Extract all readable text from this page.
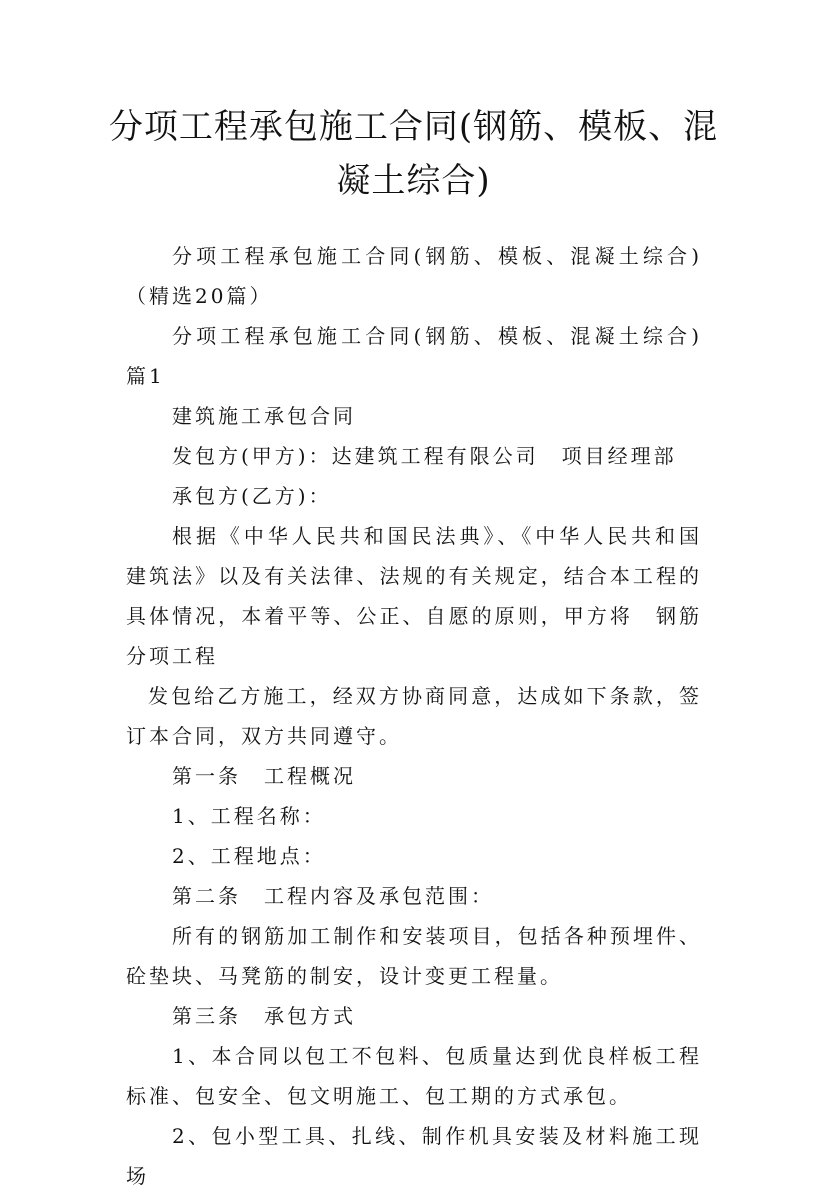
分项工程承包施工合同(钢筋、模板、混凝土综合)

分项工程承包施工合同(钢筋、模板、混凝土综合)（精选20篇）

分项工程承包施工合同(钢筋、模板、混凝土综合) 篇1

建筑施工承包合同

发包方(甲方)：达建筑工程有限公司　项目经理部

承包方(乙方)：

根据《中华人民共和国民法典》、《中华人民共和国建筑法》以及有关法律、法规的有关规定，结合本工程的具体情况，本着平等、公正、自愿的原则，甲方将　钢筋分项工程

发包给乙方施工，经双方协商同意，达成如下条款，签订本合同，双方共同遵守。

第一条　工程概况

1、工程名称：

2、工程地点：

第二条　工程内容及承包范围：

所有的钢筋加工制作和安装项目，包括各种预埋件、砼垫块、马凳筋的制安，设计变更工程量。

第三条　承包方式

1、本合同以包工不包料、包质量达到优良样板工程标准、包安全、包文明施工、包工期的方式承包。

2、包小型工具、扎线、制作机具安装及材料施工现场
